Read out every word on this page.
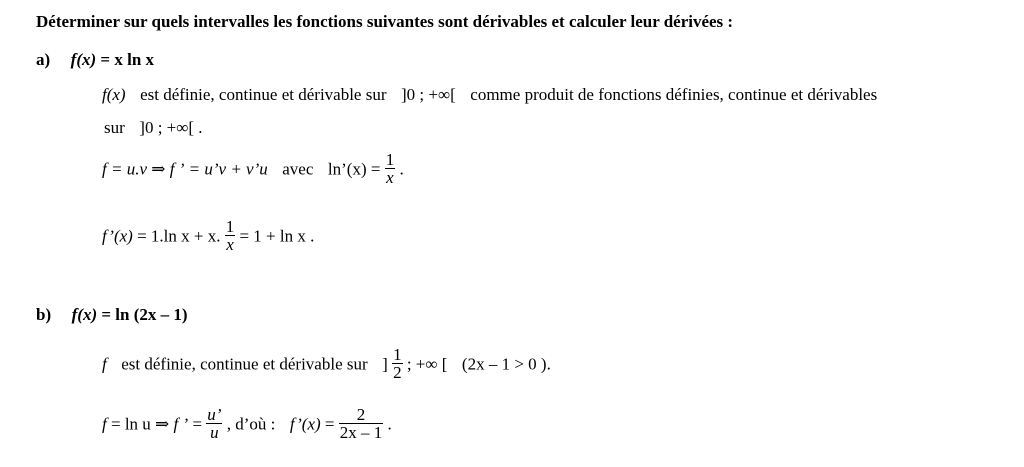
Déterminer sur quels intervalles les fonctions suivantes sont dérivables et calculer leur dérivées :
a) f(x) = x ln x
f(x) est définie, continue et dérivable sur ]0 ; +∞[ comme produit de fonctions définies, continue et dérivables
sur ]0 ; +∞[ .
f = u.v ⇒ f ’ = u’v + v’u avec ln’(x) = $\frac{1}{x}$ .
f’(x) = 1.ln x + x. $\frac{1}{x} = 1 + \ln x$ .
b) f(x) = ln (2x – 1)
f est définie, continue et dérivable sur ] $\frac{1}{2}$ ; +∞ [ (2x – 1 > 0 ).
f = ln u ⇒ f ’ = $\frac{u’}{u}$ , d’où : f’(x) = $\frac{2}{2x - 1}$ .
